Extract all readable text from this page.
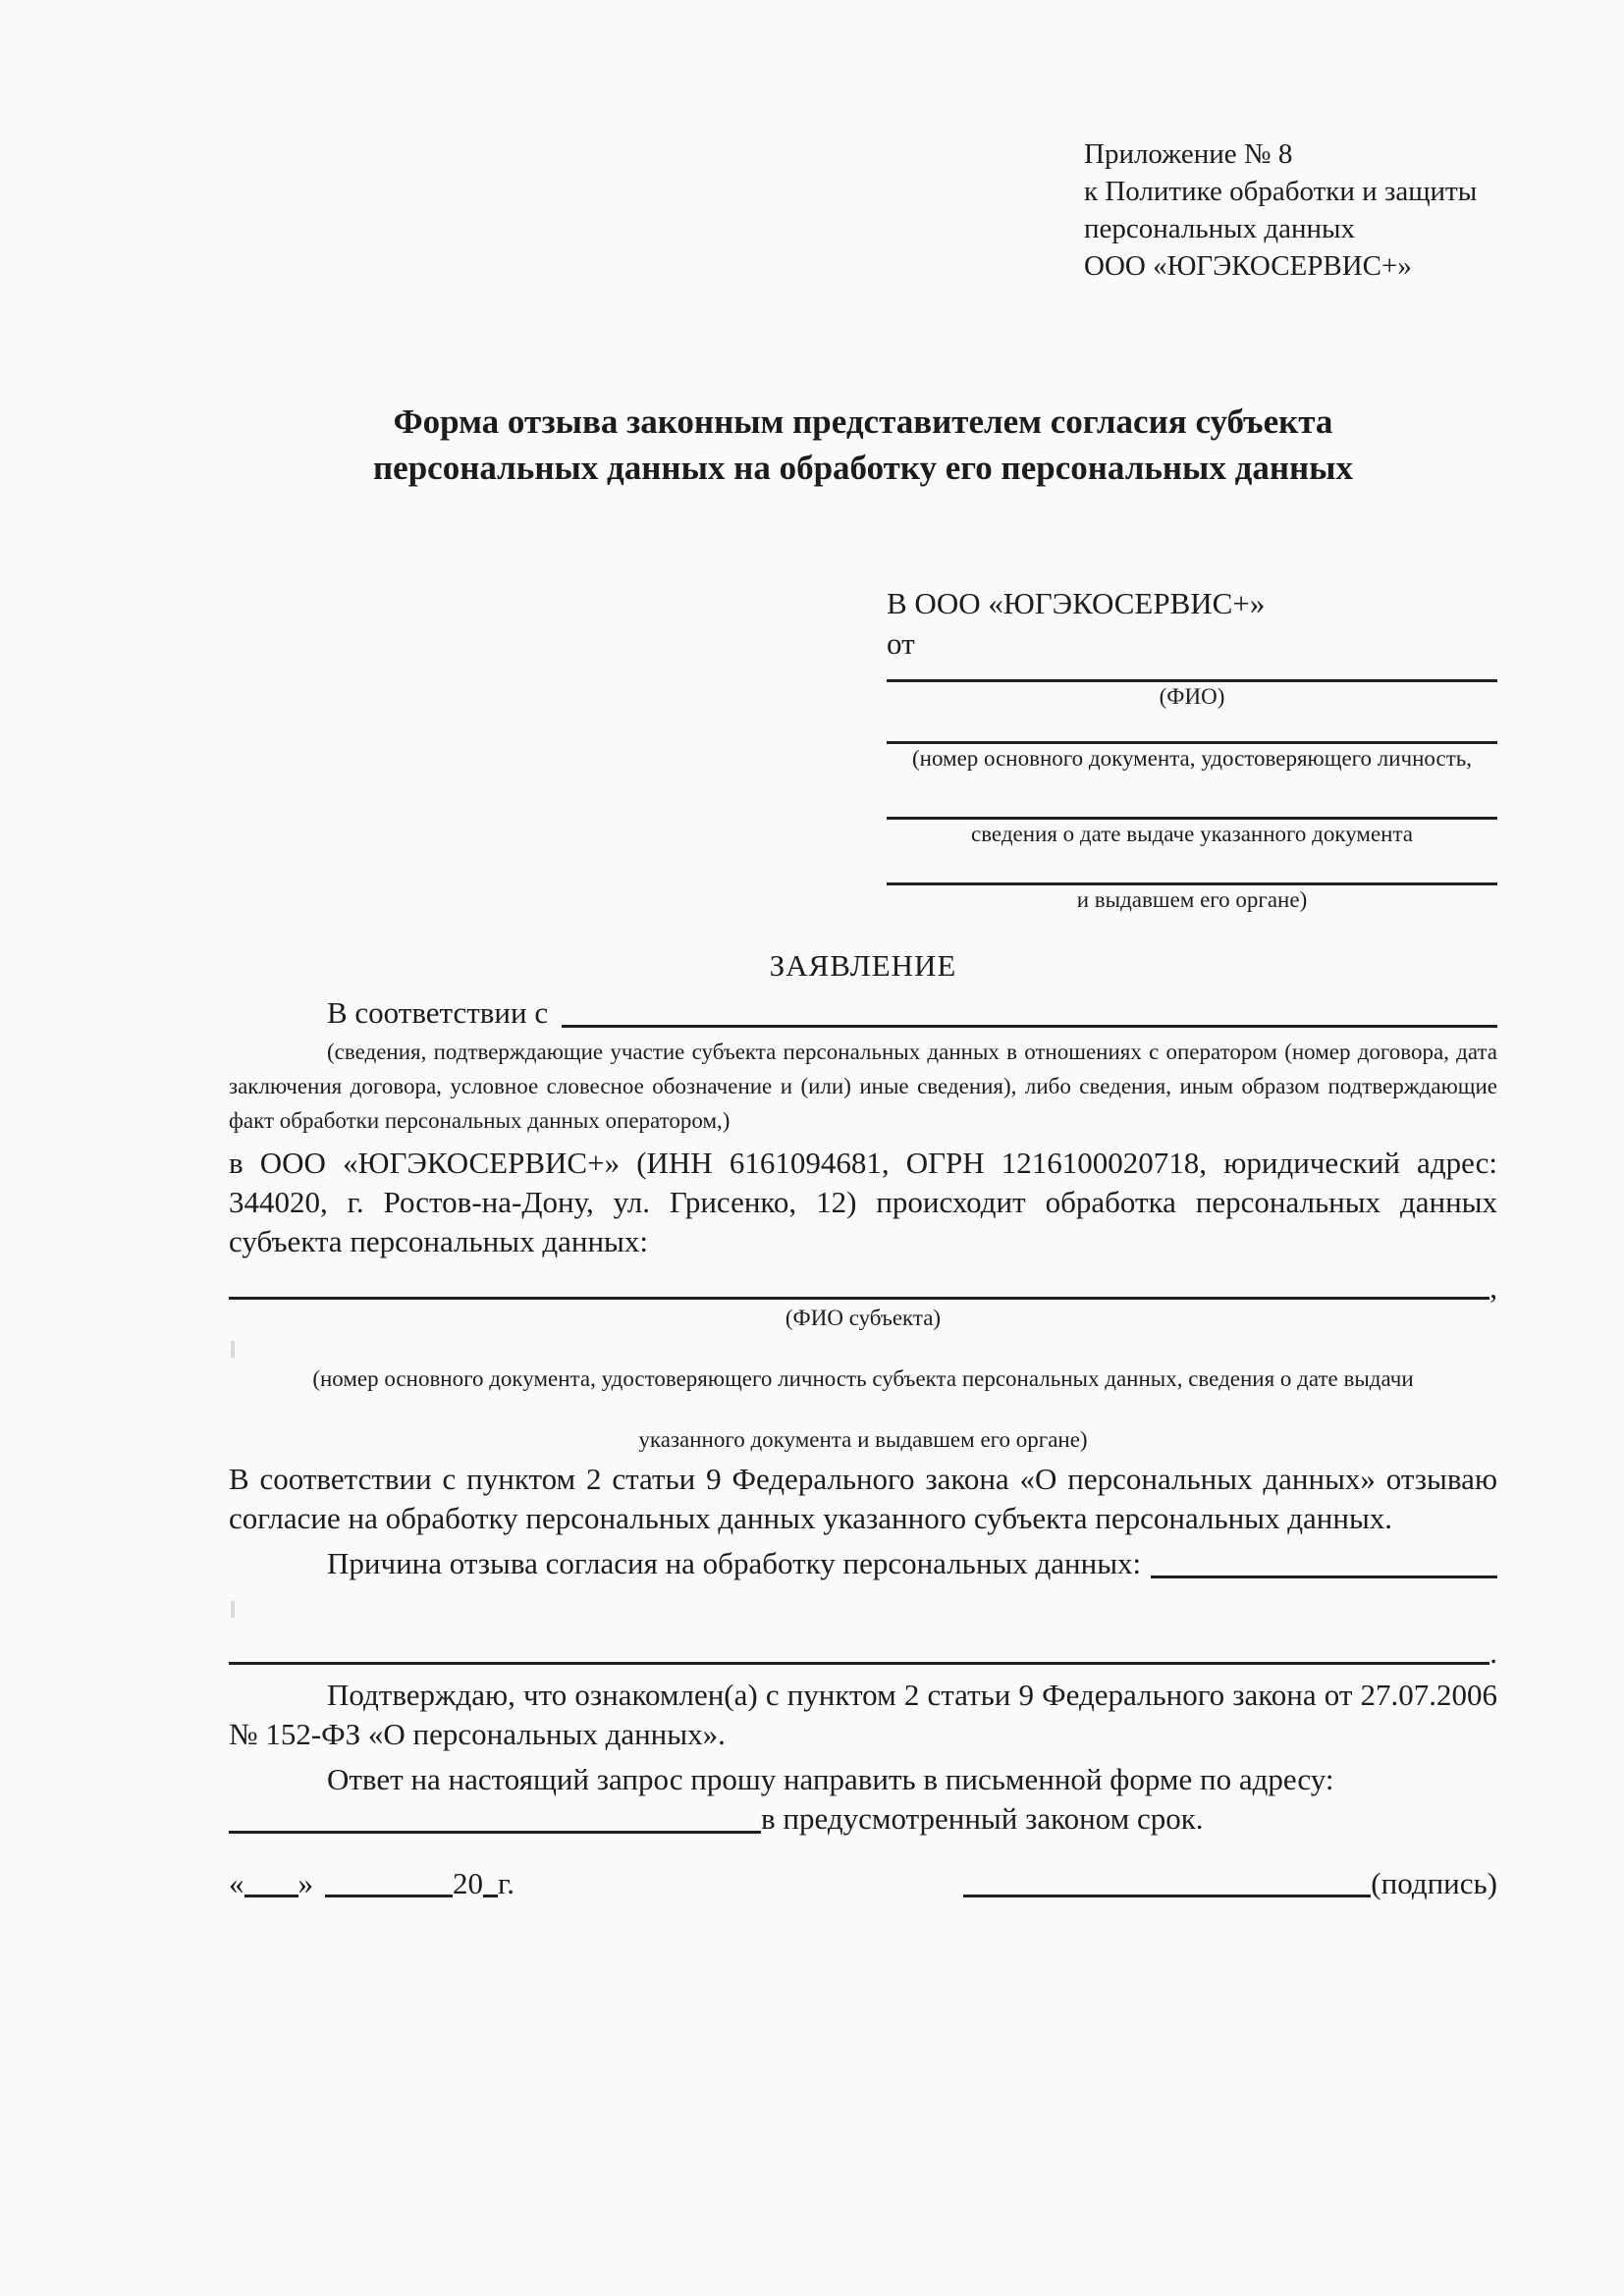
Приложение № 8
к Политике обработки и защиты
персональных данных
ООО «ЮГЭКОСЕРВИС+»
Форма отзыва законным представителем согласия субъекта
персональных данных на обработку его персональных данных
В ООО «ЮГЭКОСЕРВИС+»
от
(ФИО)
(номер основного документа, удостоверяющего личность,
сведения о дате выдаче указанного документа
и выдавшем его органе)
ЗАЯВЛЕНИЕ
В соответствии с
(сведения, подтверждающие участие субъекта персональных данных в отношениях с оператором (номер договора, дата заключения договора, условное словесное обозначение и (или) иные сведения), либо сведения, иным образом подтверждающие факт обработки персональных данных оператором,)

в ООО «ЮГЭКОСЕРВИС+» (ИНН 6161094681, ОГРН 1216100020718, юридический адрес: 344020, г. Ростов-на-Дону, ул. Грисенко, 12) происходит обработка персональных данных субъекта персональных данных:

,
(ФИО субъекта)
(номер основного документа, удостоверяющего личность субъекта персональных данных, сведения о дате выдачи
указанного документа и выдавшем его органе)

В соответствии с пунктом 2 статьи 9 Федерального закона «О персональных данных» отзываю согласие на обработку персональных данных указанного субъекта персональных данных.

Причина отзыва согласия на обработку персональных данных:
.

Подтверждаю, что ознакомлен(а) с пунктом 2 статьи 9 Федерального закона от 27.07.2006 № 152-ФЗ «О персональных данных».

Ответ на настоящий запрос прошу направить в письменной форме по адресу:

в предусмотренный законом срок.
« »	20 г.	(подпись)
